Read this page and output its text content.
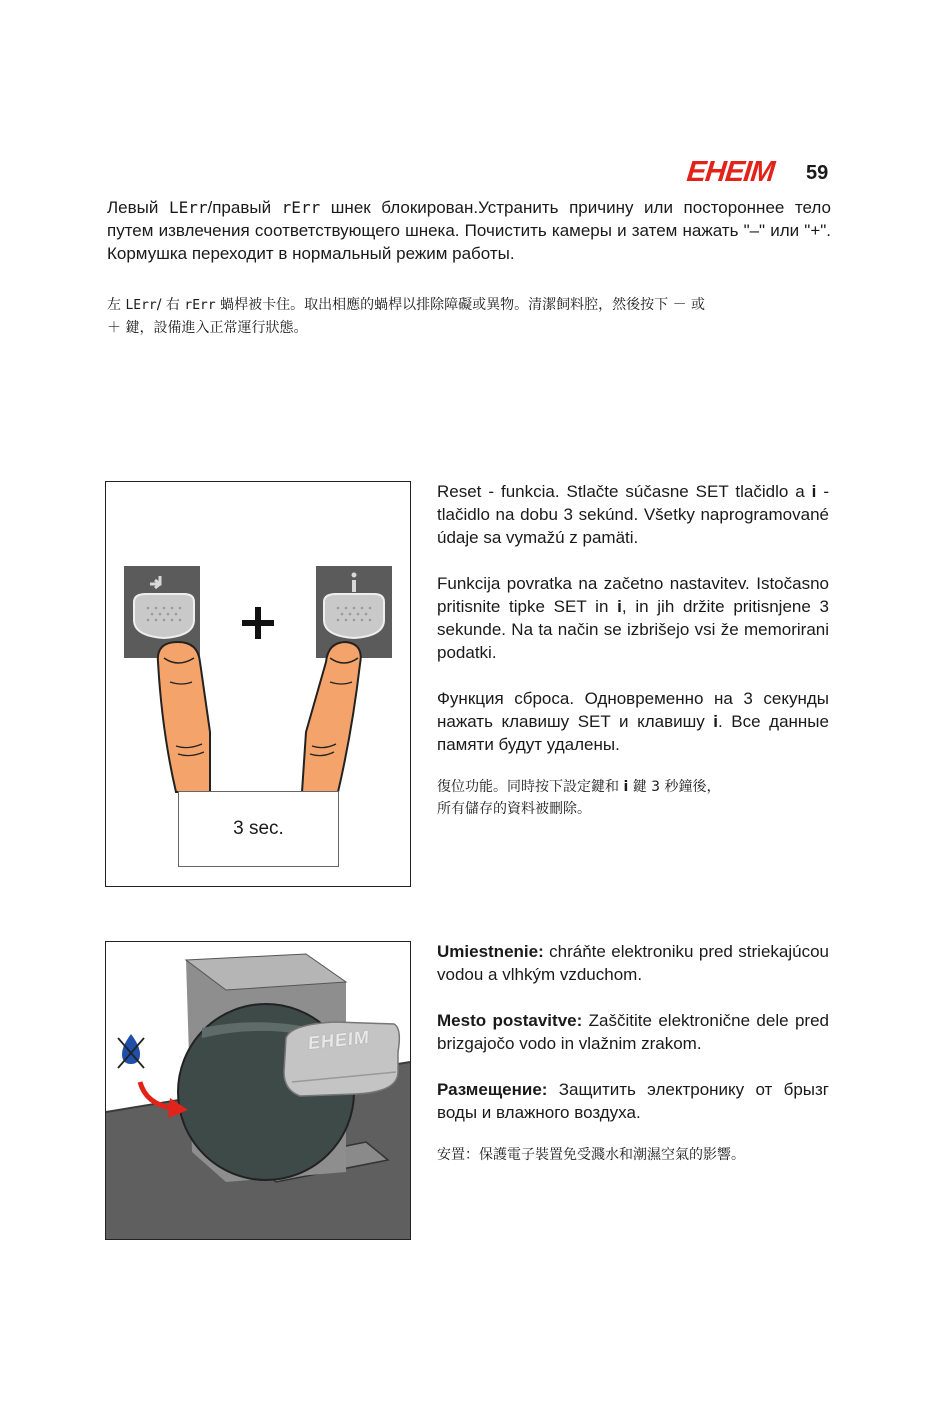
EHEIM	59
Левый LErr/правый rErr шнек блокирован.Устранить причину или постороннее тело путем извлечения соответствующего шнека. Почистить камеры и затем нажать "–" или "+". Кормушка переходит в нормальный режим работы.
左 LErr/ 右 rErr 蝸桿被卡住。取出相應的蝸桿以排除障礙或異物。清潔飼料腔，然後按下 － 或 ＋ 鍵，設備進入正常運行狀態。
3 sec.

Reset - funkcia. Stlačte súčasne SET tlačidlo a i - tlačidlo na dobu 3 sekúnd. Všetky naprogramované údaje sa vymažú z pamäti.

Funkcija povratka na začetno nastavitev. Istočasno pritisnite tipke SET in i, in jih držite pritisnjene 3 sekunde. Na ta način se izbrišejo vsi že memorirani podatki.

Функция сброса. Одновременно на 3 секунды нажать клавишу SET и клавишу i. Все данные памяти будут удалены.

復位功能。同時按下設定鍵和 i 鍵 3 秒鐘後，所有儲存的資料被刪除。

EHEIM

Umiestnenie: chráňte elektroniku pred striekajúcou vodou a vlhkým vzduchom.

Mesto postavitve: Zaščitite elektronične dele pred brizgajočo vodo in vlažnim zrakom.

Размещение: Защитить электронику от брызг воды и влажного воздуха.

安置：保護電子裝置免受濺水和潮濕空氣的影響。
